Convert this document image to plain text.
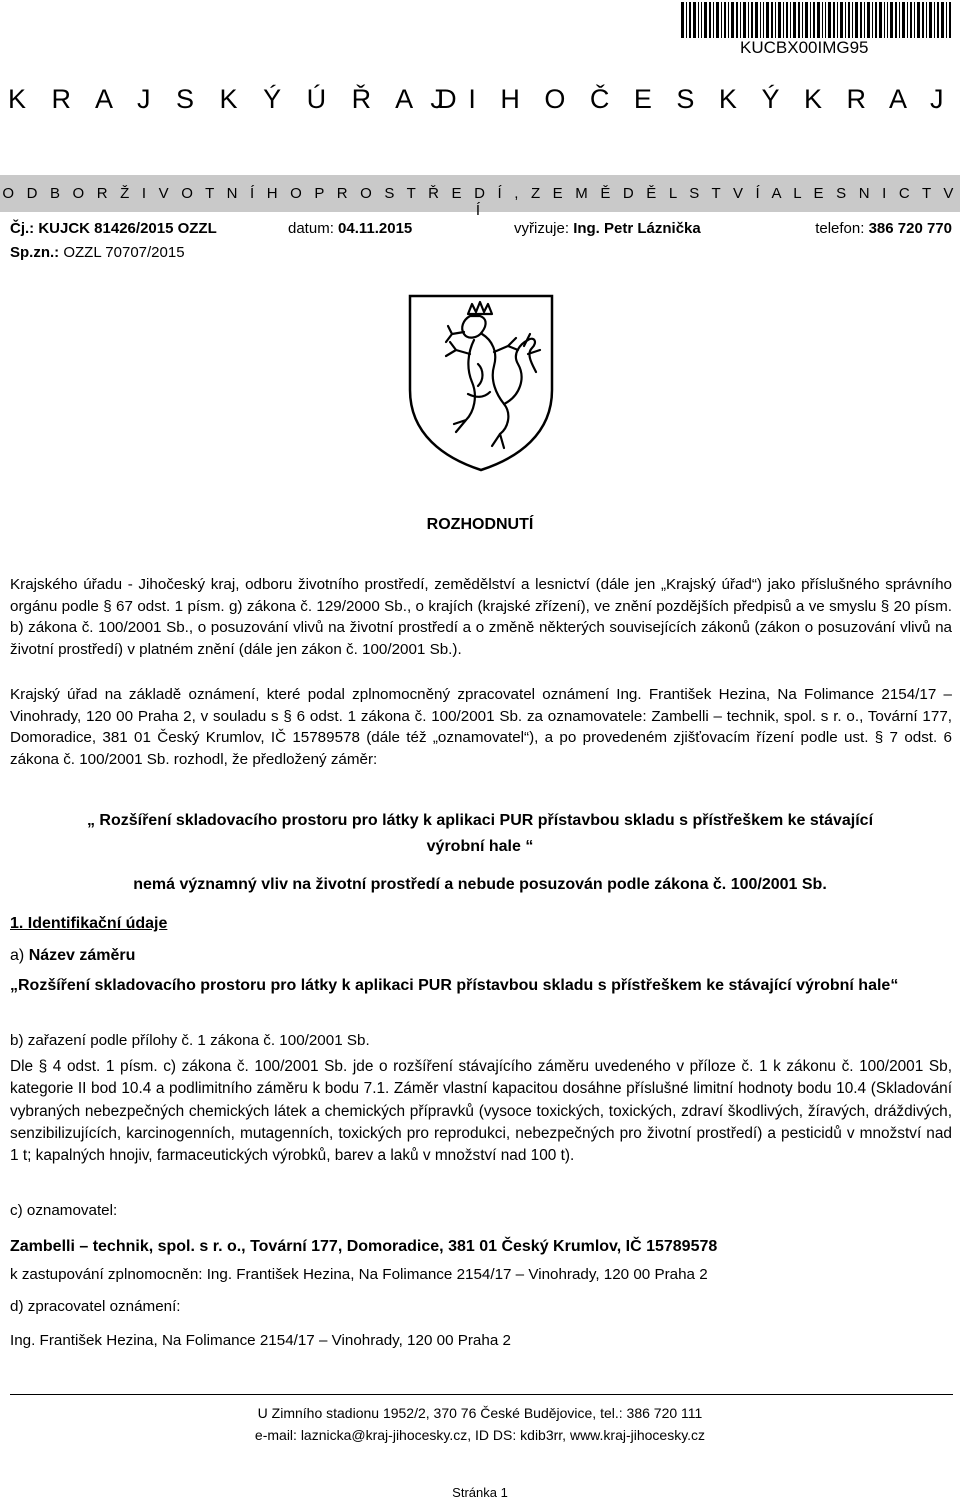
KUCBX00IMG95
K R A J S K Ý Ú Ř A D
J I H O Č E S K Ý K R A J
O D B O R Ž I V O T N Í H O P R O S T Ř E D Í , Z E M Ě D Ě L S T V Í A L E S N I C T V Í
Čj.: KUJCK 81426/2015 OZZL	datum: 04.11.2015	vyřizuje: Ing. Petr Láznička	telefon: 386 720 770
Sp.zn.: OZZL 70707/2015
ROZHODNUTÍ
Krajského úřadu - Jihočeský kraj, odboru životního prostředí, zemědělství a lesnictví (dále jen „Krajský úřad“) jako příslušného správního orgánu podle § 67 odst. 1 písm. g) zákona č. 129/2000 Sb., o krajích (krajské zřízení), ve znění pozdějších předpisů a ve smyslu § 20 písm. b) zákona č. 100/2001 Sb., o posuzování vlivů na životní prostředí a o změně některých souvisejících zákonů (zákon o posuzování vlivů na životní prostředí) v platném znění (dále jen zákon č. 100/2001 Sb.).
Krajský úřad na základě oznámení, které podal zplnomocněný zpracovatel oznámení Ing. František Hezina, Na Folimance 2154/17 – Vinohrady, 120 00 Praha 2, v souladu s § 6 odst. 1 zákona č. 100/2001 Sb. za oznamovatele: Zambelli – technik, spol. s r. o., Tovární 177, Domoradice, 381 01 Český Krumlov, IČ 15789578 (dále též „oznamovatel“), a po provedeném zjišťovacím řízení podle ust. § 7 odst. 6 zákona č. 100/2001 Sb. rozhodl, že předložený záměr:
„ Rozšíření skladovacího prostoru pro látky k aplikaci PUR přístavbou skladu s přístřeškem ke stávající
výrobní hale “
nemá významný vliv na životní prostředí a nebude posuzován podle zákona č. 100/2001 Sb.
1. Identifikační údaje
a) Název záměru
„Rozšíření skladovacího prostoru pro látky k aplikaci PUR přístavbou skladu s přístřeškem ke stávající výrobní hale“
b) zařazení podle přílohy č. 1 zákona č. 100/2001 Sb.
Dle § 4 odst. 1 písm. c) zákona č. 100/2001 Sb. jde o rozšíření stávajícího záměru uvedeného v příloze č. 1 k zákonu č. 100/2001 Sb, kategorie II bod 10.4 a podlimitního záměru k bodu 7.1. Záměr vlastní kapacitou dosáhne příslušné limitní hodnoty bodu 10.4 (Skladování vybraných nebezpečných chemických látek a chemických přípravků (vysoce toxických, toxických, zdraví škodlivých, žíravých, dráždivých, senzibilizujících, karcinogenních, mutagenních, toxických pro reprodukci, nebezpečných pro životní prostředí) a pesticidů v množství nad 1 t; kapalných hnojiv, farmaceutických výrobků, barev a laků v množství nad 100 t).
c) oznamovatel:
Zambelli – technik, spol. s r. o., Tovární 177, Domoradice, 381 01 Český Krumlov, IČ 15789578
k zastupování zplnomocněn: Ing. František Hezina, Na Folimance 2154/17 – Vinohrady, 120 00 Praha 2
d) zpracovatel oznámení:
Ing. František Hezina, Na Folimance 2154/17 – Vinohrady, 120 00 Praha 2
U Zimního stadionu 1952/2, 370 76 České Budějovice, tel.: 386 720 111
e-mail: laznicka@kraj-jihocesky.cz, ID DS: kdib3rr, www.kraj-jihocesky.cz
Stránka 1
